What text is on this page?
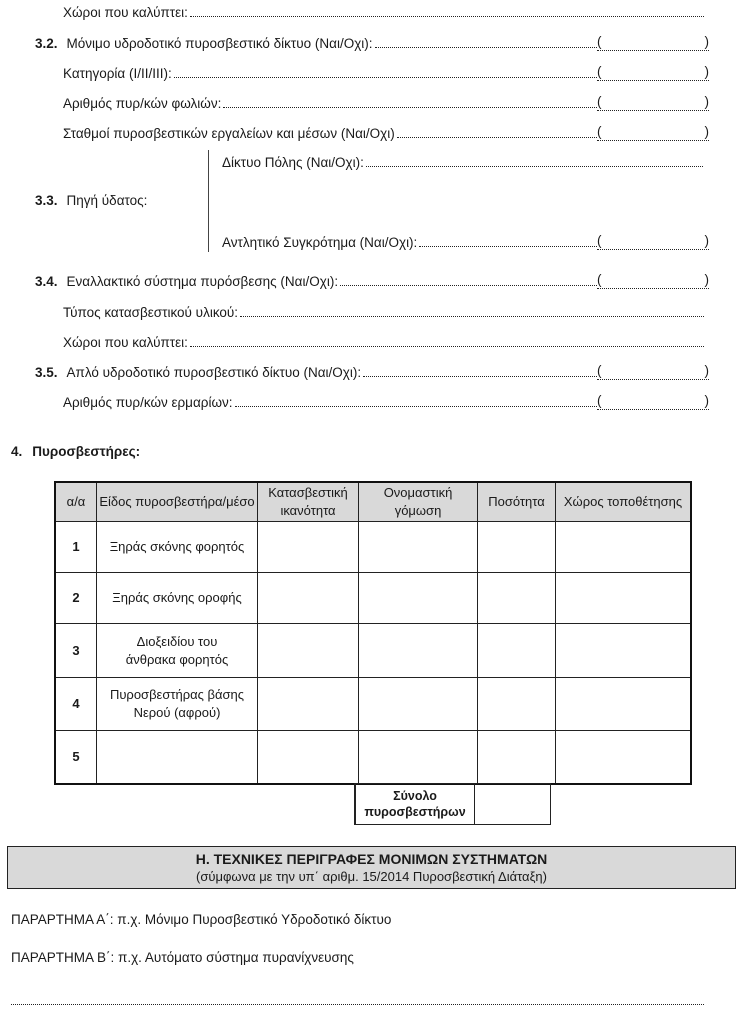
Χώροι που καλύπτει:
3.2. Μόνιμο υδροδοτικό πυροσβεστικό δίκτυο (Ναι/Οχι):	(	)
Κατηγορία (I/II/III):	(	)
Αριθμός πυρ/κών φωλιών:	(	)
Σταθμοί πυροσβεστικών εργαλείων και μέσων (Ναι/Οχι)	(	)
Δίκτυο Πόλης (Ναι/Οχι):
3.3. Πηγή ύδατος:
Αντλητικό Συγκρότημα (Ναι/Οχι):	(	)
3.4. Εναλλακτικό σύστημα πυρόσβεσης (Ναι/Οχι):	(	)
Τύπος κατασβεστικού υλικού:
Χώροι που καλύπτει:
3.5. Απλό υδροδοτικό πυροσβεστικό δίκτυο (Ναι/Οχι):	(	)
Αριθμός πυρ/κών ερμαρίων:	(	)
4. Πυροσβεστήρες:
α/α	Είδος πυροσβεστήρα/μέσο	Κατασβεστική ικανότητα	Ονομαστική γόμωση	Ποσότητα	Χώρος τοποθέτησης
1	Ξηράς σκόνης φορητός				
2	Ξηράς σκόνης οροφής				
3	Διοξειδίου του άνθρακα φορητός				
4	Πυροσβεστήρας βάσης Νερού (αφρού)				
5					
Σύνολο πυροσβεστήρων
Η. ΤΕΧΝΙΚΕΣ ΠΕΡΙΓΡΑΦΕΣ ΜΟΝΙΜΩΝ ΣΥΣΤΗΜΑΤΩΝ
(σύμφωνα με την υπ΄ αριθμ. 15/2014 Πυροσβεστική Διάταξη)
ΠΑΡΑΡΤΗΜΑ Α΄: π.χ. Μόνιμο Πυροσβεστικό Υδροδοτικό δίκτυο
ΠΑΡΑΡΤΗΜΑ Β΄: π.χ. Αυτόματο σύστημα πυρανίχνευσης
